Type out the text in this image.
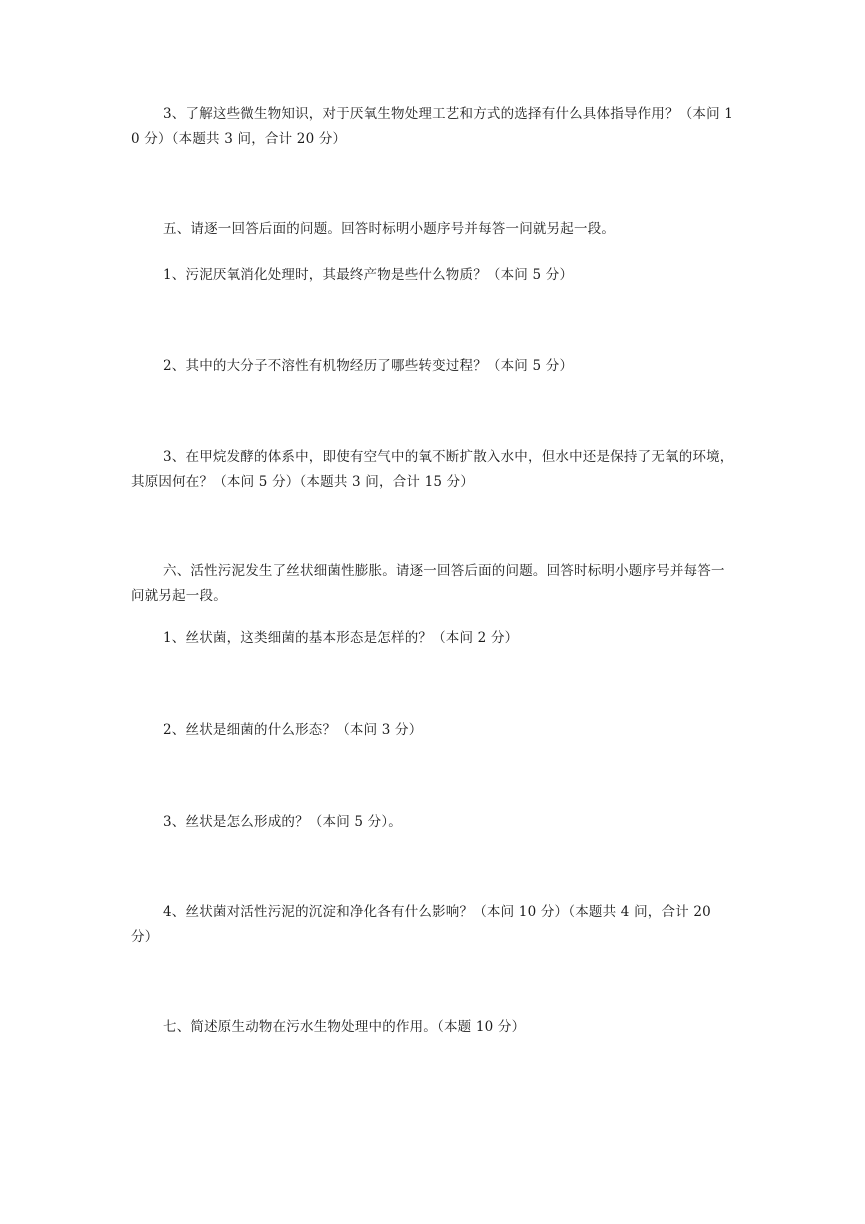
3、了解这些微生物知识，对于厌氧生物处理工艺和方式的选择有什么具体指导作用？（本问 10 分）（本题共 3 问，合计 20 分）

五、请逐一回答后面的问题。回答时标明小题序号并每答一问就另起一段。

1、污泥厌氧消化处理时，其最终产物是些什么物质？（本问 5 分）

2、其中的大分子不溶性有机物经历了哪些转变过程？（本问 5 分）

3、在甲烷发酵的体系中，即使有空气中的氧不断扩散入水中，但水中还是保持了无氧的环境，其原因何在？（本问 5 分）（本题共 3 问，合计 15 分）

六、活性污泥发生了丝状细菌性膨胀。请逐一回答后面的问题。回答时标明小题序号并每答一问就另起一段。

1、丝状菌，这类细菌的基本形态是怎样的？（本问 2 分）

2、丝状是细菌的什么形态？（本问 3 分）

3、丝状是怎么形成的？（本问 5 分）。

4、丝状菌对活性污泥的沉淀和净化各有什么影响？（本问 10 分）（本题共 4 问，合计 20 分）

七、简述原生动物在污水生物处理中的作用。（本题 10 分）
